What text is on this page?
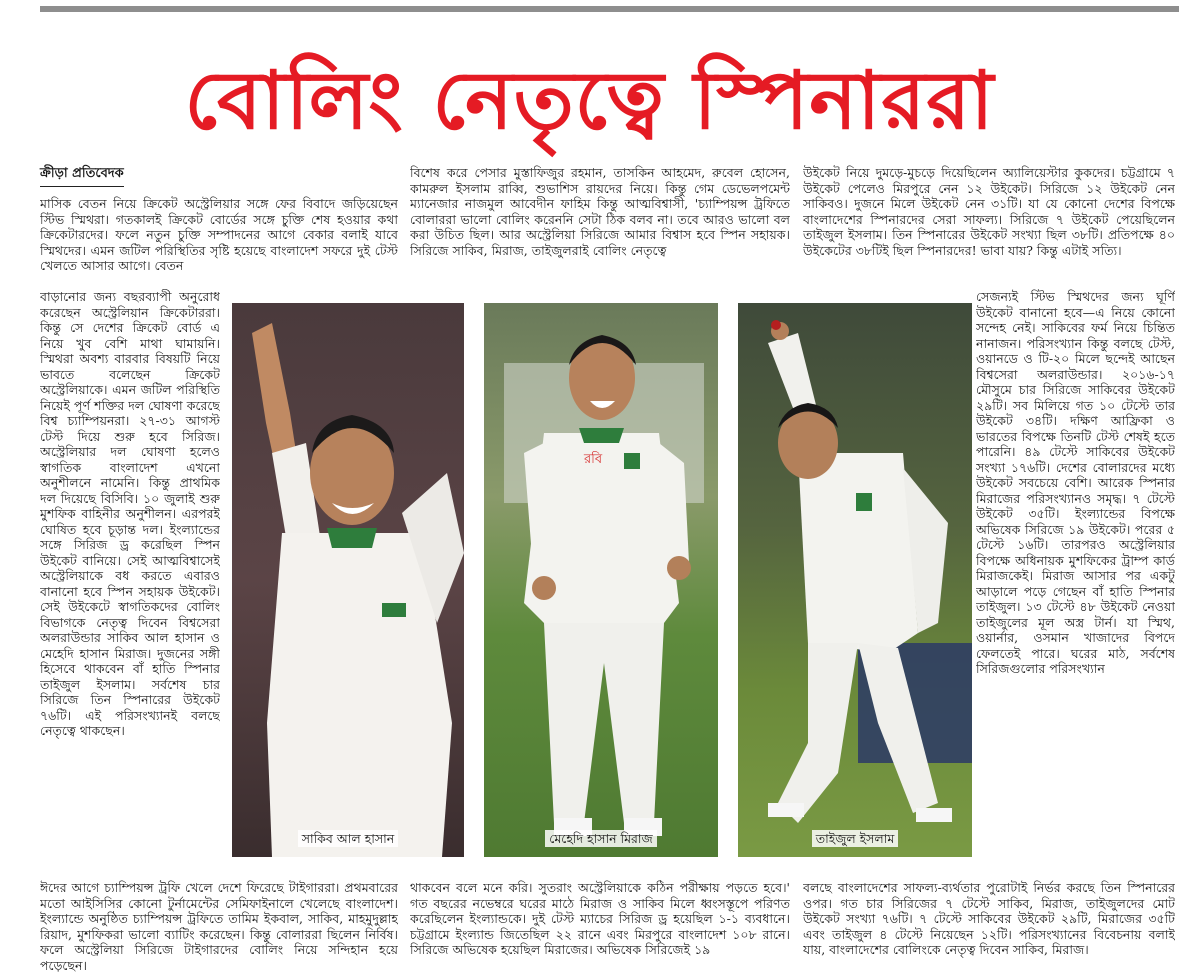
বোলিং নেতৃত্বে স্পিনাররা
ক্রীড়া প্রতিবেদক

মাসিক বেতন নিয়ে ক্রিকেট অস্ট্রেলিয়ার সঙ্গে ফের বিবাদে জড়িয়েছেন স্টিভ স্মিথরা। গতকালই ক্রিকেট বোর্ডের সঙ্গে চুক্তি শেষ হওয়ার কথা ক্রিকেটারদের। ফলে নতুন চুক্তি সম্পাদনের আগে বেকার বলাই যাবে স্মিথদের। এমন জটিল পরিস্থিতির সৃষ্টি হয়েছে বাংলাদেশ সফরে দুই টেস্ট খেলতে আসার আগে। বেতন

বাড়ানোর জন্য বছরব্যাপী অনুরোধ করেছেন অস্ট্রেলিয়ান ক্রিকেটাররা। কিন্তু সে দেশের ক্রিকেট বোর্ড এ নিয়ে খুব বেশি মাথা ঘামায়নি। স্মিথরা অবশ্য বারবার বিষয়টি নিয়ে ভাবতে বলেছেন ক্রিকেট অস্ট্রেলিয়াকে। এমন জটিল পরিস্থিতি নিয়েই পূর্ণ শক্তির দল ঘোষণা করেছে বিশ্ব চ্যাম্পিয়নরা। ২৭-৩১ আগস্ট টেস্ট দিয়ে শুরু হবে সিরিজ। অস্ট্রেলিয়ার দল ঘোষণা হলেও স্বাগতিক বাংলাদেশ এখনো অনুশীলনে নামেনি। কিন্তু প্রাথমিক দল দিয়েছে বিসিবি। ১০ জুলাই শুরু মুশফিক বাহিনীর অনুশীলন। এরপরই ঘোষিত হবে চূড়ান্ত দল। ইংল্যান্ডের সঙ্গে সিরিজ ড্র করেছিল স্পিন উইকেট বানিয়ে। সেই আত্মবিশ্বাসেই অস্ট্রেলিয়াকে বধ করতে এবারও বানানো হবে স্পিন সহায়ক উইকেট। সেই উইকেটে স্বাগতিকদের বোলিং বিভাগকে নেতৃত্ব দিবেন বিশ্বসেরা অলরাউন্ডার সাকিব আল হাসান ও মেহেদি হাসান মিরাজ। দুজনের সঙ্গী হিসেবে থাকবেন বাঁ হাতি স্পিনার তাইজুল ইসলাম। সর্বশেষ চার সিরিজে তিন স্পিনারের উইকেট ৭৬টি। এই পরিসংখ্যানই বলছে নেতৃত্বে থাকছেন।

ঈদের আগে চ্যাম্পিয়ন্স ট্রফি খেলে দেশে ফিরেছে টাইগাররা। প্রথমবারের মতো আইসিসির কোনো টুর্নামেন্টের সেমিফাইনালে খেলেছে বাংলাদেশ। ইংল্যান্ডে অনুষ্ঠিত চ্যাম্পিয়ন্স ট্রফিতে তামিম ইকবাল, সাকিব, মাহমুদুল্লাহ রিয়াদ, মুশফিকরা ভালো ব্যাটিং করেছেন। কিন্তু বোলাররা ছিলেন নির্বিষ। ফলে অস্ট্রেলিয়া সিরিজে টাইগারদের বোলিং নিয়ে সন্দিহান হয়ে পড়েছেন।

বিশেষ করে পেসার মুস্তাফিজুর রহমান, তাসকিন আহমেদ, রুবেল হোসেন, কামরুল ইসলাম রাব্বি, শুভাশিস রায়দের নিয়ে। কিন্তু গেম ডেভেলপমেন্ট ম্যানেজার নাজমুল আবেদীন ফাহিম কিন্তু আত্মবিশ্বাসী, 'চ্যাম্পিয়ন্স ট্রফিতে বোলাররা ভালো বোলিং করেননি সেটা ঠিক বলব না। তবে আরও ভালো বল করা উচিত ছিল। আর অস্ট্রেলিয়া সিরিজে আমার বিশ্বাস হবে স্পিন সহায়ক। সিরিজে সাকিব, মিরাজ, তাইজুলরাই বোলিং নেতৃত্বে

থাকবেন বলে মনে করি। সুতরাং অস্ট্রেলিয়াকে কঠিন পরীক্ষায় পড়তে হবে।' গত বছরের নভেম্বরে ঘরের মাঠে মিরাজ ও সাকিব মিলে ধ্বংসস্তূপে পরিণত করেছিলেন ইংল্যান্ডকে। দুই টেস্ট ম্যাচের সিরিজ ড্র হয়েছিল ১-১ ব্যবধানে। চট্টগ্রামে ইংল্যান্ড জিতেছিল ২২ রানে এবং মিরপুরে বাংলাদেশ ১০৮ রানে। সিরিজে অভিষেক হয়েছিল মিরাজের। অভিষেক সিরিজেই ১৯

উইকেট নিয়ে দুমড়ে-মুচড়ে দিয়েছিলেন অ্যালিয়েস্টার কুকদের। চট্টগ্রামে ৭ উইকেট পেলেও মিরপুরে নেন ১২ উইকেট। সিরিজে ১২ উইকেট নেন সাকিবও। দুজনে মিলে উইকেট নেন ৩১টি। যা যে কোনো দেশের বিপক্ষে বাংলাদেশের স্পিনারদের সেরা সাফল্য। সিরিজে ৭ উইকেট পেয়েছিলেন তাইজুল ইসলাম। তিন স্পিনারের উইকেট সংখ্যা ছিল ৩৮টি। প্রতিপক্ষে ৪০ উইকেটের ৩৮টিই ছিল স্পিনারদের! ভাবা যায়? কিন্তু এটাই সত্যি।

সেজন্যই স্টিভ স্মিথদের জন্য ঘূর্ণি উইকেট বানানো হবে—এ নিয়ে কোনো সন্দেহ নেই। সাকিবের ফর্ম নিয়ে চিন্তিত নানাজন। পরিসংখ্যান কিন্তু বলছে টেস্ট, ওয়ানডে ও টি-২০ মিলে ছন্দেই আছেন বিশ্বসেরা অলরাউন্ডার। ২০১৬-১৭ মৌসুমে চার সিরিজে সাকিবের উইকেট ২৯টি। সব মিলিয়ে গত ১০ টেস্টে তার উইকেট ৩৪টি। দক্ষিণ আফ্রিকা ও ভারতের বিপক্ষে তিনটি টেস্ট শেষই হতে পারেনি। ৪৯ টেস্টে সাকিবের উইকেট সংখ্যা ১৭৬টি। দেশের বোলারদের মধ্যে উইকেট সবচেয়ে বেশি। আরেক স্পিনার মিরাজের পরিসংখ্যানও সমৃদ্ধ। ৭ টেস্টে উইকেট ৩৫টি। ইংল্যান্ডের বিপক্ষে অভিষেক সিরিজে ১৯ উইকেট। পরের ৫ টেস্টে ১৬টি। তারপরও অস্ট্রেলিয়ার বিপক্ষে অধিনায়ক মুশফিকের ট্রাম্প কার্ড মিরাজকেই। মিরাজ আসার পর একটু আড়ালে পড়ে গেছেন বাঁ হাতি স্পিনার তাইজুল। ১৩ টেস্টে ৪৮ উইকেট নেওয়া তাইজুলের মূল অস্ত্র টার্ন। যা স্মিথ, ওয়ার্নার, ওসমান খাজাদের বিপদে ফেলতেই পারে। ঘরের মাঠ, সর্বশেষ সিরিজগুলোর পরিসংখ্যান

বলছে বাংলাদেশের সাফল্য-ব্যর্থতার পুরোটাই নির্ভর করছে তিন স্পিনারের ওপর। গত চার সিরিজের ৭ টেস্টে সাকিব, মিরাজ, তাইজুলদের মোট উইকেট সংখ্যা ৭৬টি। ৭ টেস্টে সাকিবের উইকেট ২৯টি, মিরাজের ৩৫টি এবং তাইজুল ৪ টেস্টে নিয়েছেন ১২টি। পরিসংখ্যানের বিবেচনায় বলাই যায়, বাংলাদেশের বোলিংকে নেতৃত্ব দিবেন সাকিব, মিরাজ।

সাকিব আল হাসান
রবি
মেহেদি হাসান মিরাজ	তাইজুল ইসলাম
